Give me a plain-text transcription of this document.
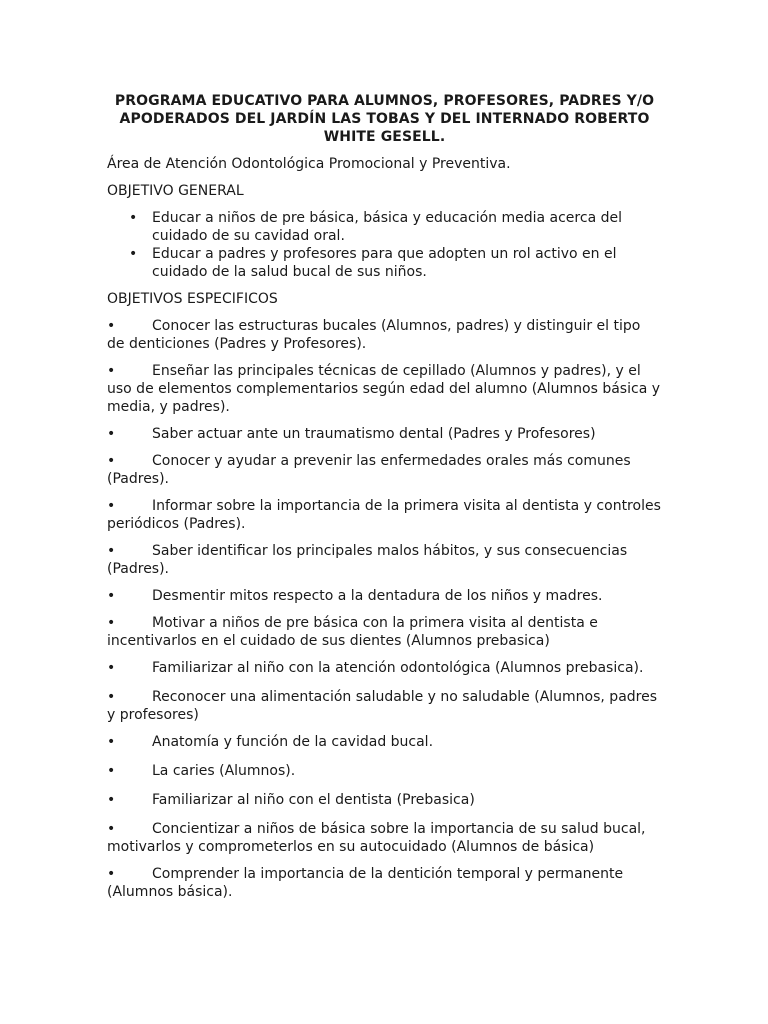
PROGRAMA EDUCATIVO PARA ALUMNOS, PROFESORES, PADRES Y/O APODERADOS DEL JARDÍN LAS TOBAS Y DEL INTERNADO ROBERTO WHITE GESELL.
Área de Atención Odontológica Promocional y Preventiva.
OBJETIVO GENERAL
• Educar a niños de pre básica, básica y educación media acerca del cuidado de su cavidad oral.
• Educar a padres y profesores para que adopten un rol activo en el cuidado de la salud bucal de sus niños.
OBJETIVOS ESPECIFICOS
•	Conocer las estructuras bucales (Alumnos, padres) y distinguir el tipo de denticiones (Padres y Profesores).
•	Enseñar las principales técnicas de cepillado (Alumnos y padres), y el uso de elementos complementarios según edad del alumno (Alumnos básica y media, y padres).
•	Saber actuar ante un traumatismo dental (Padres y Profesores)
•	Conocer y ayudar a prevenir las enfermedades orales más comunes (Padres).
•	Informar sobre la importancia de la primera visita al dentista y controles periódicos (Padres).
•	Saber identificar los principales malos hábitos, y sus consecuencias (Padres).
•	Desmentir mitos respecto a la dentadura de los niños y madres.
•	Motivar a niños de pre básica con la primera visita al dentista e incentivarlos en el cuidado de sus dientes (Alumnos prebasica)
•	Familiarizar al niño con la atención odontológica (Alumnos prebasica).
•	Reconocer una alimentación saludable y no saludable (Alumnos, padres y profesores)
•	Anatomía y función de la cavidad bucal.
•	La caries (Alumnos).
•	Familiarizar al niño con el dentista (Prebasica)
•	Concientizar a niños de básica sobre la importancia de su salud bucal, motivarlos y comprometerlos en su autocuidado (Alumnos de básica)
•	Comprender la importancia de la dentición temporal y permanente (Alumnos básica).
